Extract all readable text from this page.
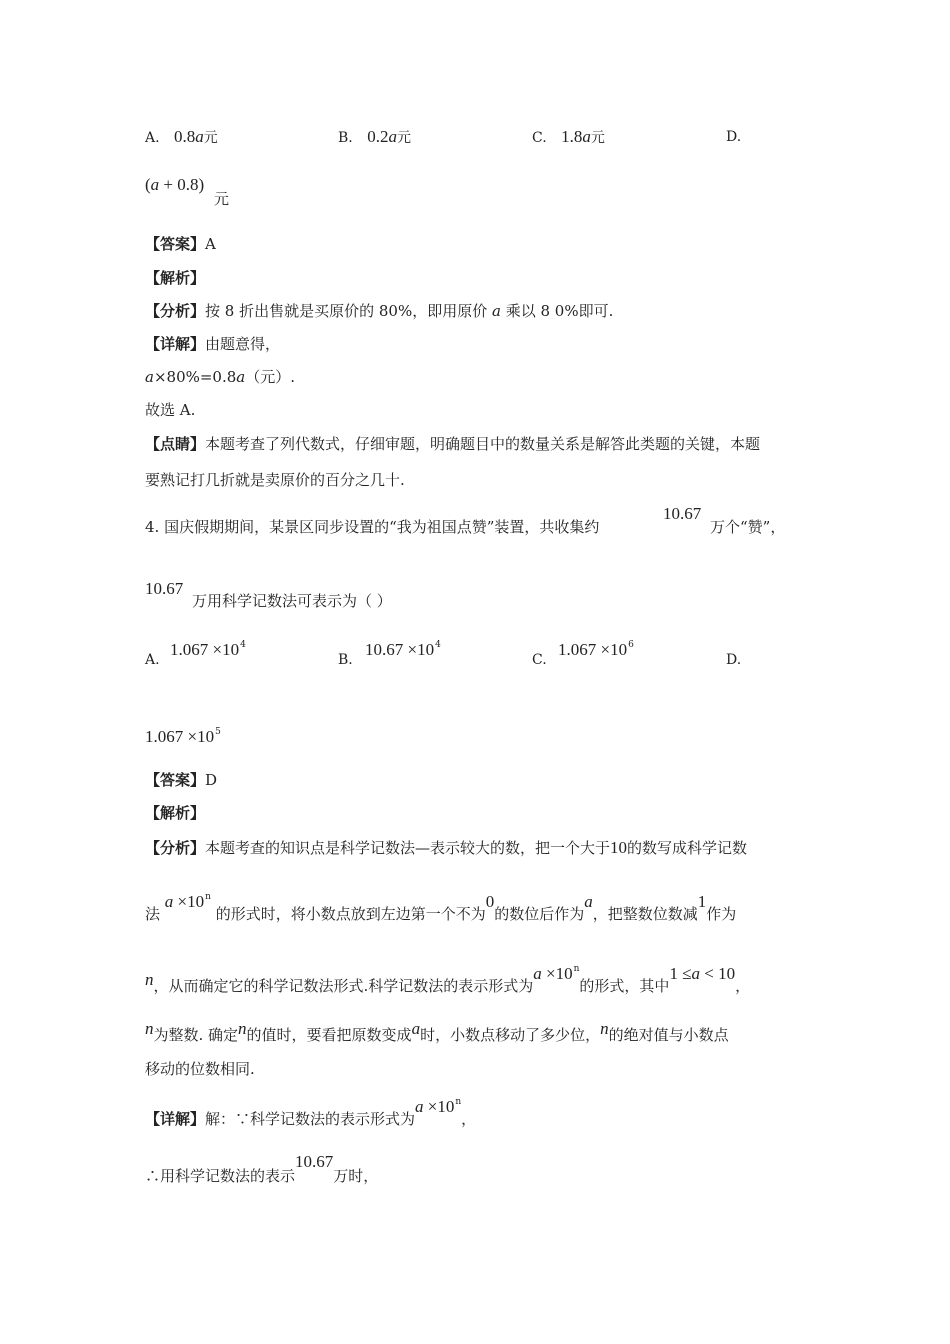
A. 0.8a元	B. 0.2a元	C. 1.8a元	D.
(a + 0.8)
元
【答案】A
【解析】
【分析】按 8 折出售就是买原价的 80%，即用原价 a 乘以 8 0%即可.
【详解】由题意得，
a×80%=0.8a（元）.
故选 A.
【点睛】本题考查了列代数式，仔细审题，明确题目中的数量关系是解答此类题的关键，本题
要熟记打几折就是卖原价的百分之几十.
4. 国庆假期期间，某景区同步设置的“我为祖国点赞”装置，共收集约
10.67
万个“赞”，
10.67
万用科学记数法可表示为（ ）
A.
$1.067 \times 10^4$
B.
$10.67 \times 10^4$
C.
$1.067 \times 10^6$
D.
$1.067 \times 10^5$
【答案】D
【解析】
【分析】本题考查的知识点是科学记数法—表示较大的数，把一个大于10的数写成科学记数
法 $a \times 10^n$ 的形式时，将小数点放到左边第一个不为0的数位后作为a，把整数位数减1作为
n，从而确定它的科学记数法形式.科学记数法的表示形式为$a \times 10^n$的形式，其中1 ≤a < 10，
n为整数. 确定n的值时，要看把原数变成a时，小数点移动了多少位，n的绝对值与小数点
移动的位数相同.
【详解】解：∵科学记数法的表示形式为$a \times 10^n$，
∴用科学记数法的表示10.67万时，
